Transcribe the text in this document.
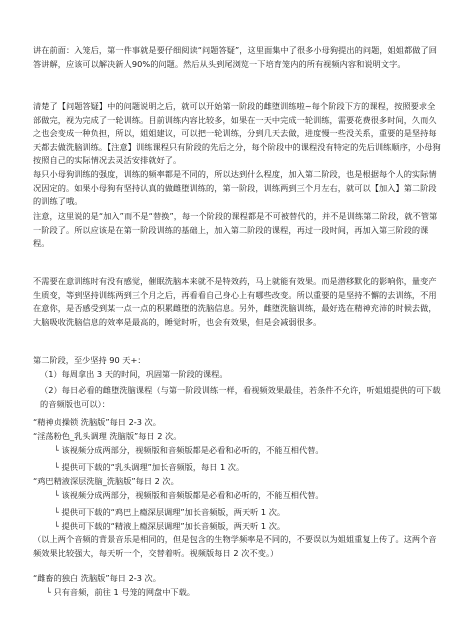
讲在前面：入笼后，第一件事就是要仔细阅读“问题答疑”，这里面集中了很多小母狗提出的问题，姐姐都做了回答讲解，应该可以解决新人90%的问题。然后从头到尾浏览一下培育笼内的所有视频内容和说明文字。

清楚了【问题答疑】中的问题说明之后，就可以开始第一阶段的雌堕训练啦~每个阶段下方的课程，按照要求全部做完，视为完成了一轮训练。目前训练内容比较多，如果在一天中完成一轮训练，需要花费很多时间，久而久之也会变成一种负担，所以，姐姐建议，可以把一轮训练，分到几天去做，进度慢一些没关系，重要的是坚持每天都去做洗脑训练。【注意】训练课程只有阶段的先后之分，每个阶段中的课程没有特定的先后训练顺序，小母狗按照自己的实际情况去灵活安排就好了。

每只小母狗训练的强度，训练的频率都是不同的，所以达到什么程度，加入第二阶段，也是根据每个人的实际情况因定的。如果小母狗有坚持认真的做雌堕训练的，第一阶段，训练两到三个月左右，就可以【加入】第二阶段的训练了哦。

注意，这里说的是“加入”而不是“替换”，每一个阶段的课程都是不可被替代的，并不是训练第二阶段，就不管第一阶段了。所以应该是在第一阶段训练的基础上，加入第二阶段的课程，再过一段时间，再加入第三阶段的课程。

不需要在意训练时有没有感觉，催眠洗脑本来就不是特效药，马上就能有效果。而是潜移默化的影响你，量变产生质变，等到坚持训练两到三个月之后，再看看自己身心上有哪些改变。所以重要的是坚持不懈的去训练，不用在意你，是否感受到某一点一点的积累雌堕的洗脑信息。另外，雌堕洗脑训练，最好选在精神充沛的时候去做，大脑吸收洗脑信息的效率是最高的，睡觉时听，也会有效果，但是会减弱很多。

第二阶段，至少坚持 90 天+：

（1）每周拿出 3 天的时间，巩固第一阶段的课程。

（2）每日必看的雌堕洗脑课程（与第一阶段训练一样，看视频效果最佳，若条件不允许，听姐姐提供的可下载的音频版也可以）：

“精神贞操锁 洗脑版”每日 2-3 次。

“淫荡粉色_乳头调理 洗脑版”每日 2 次。

└ 该视频分成两部分，视频版和音频版都是必看和必听的，不能互相代替。

└ 提供可下载的“乳头调理”加长音频版，每日 1 次。

“鸡巴精液深层洗脑_洗脑版”每日 2 次。

└ 该视频分成两部分，视频版和音频版都是必看和必听的，不能互相代替。

└ 提供可下载的“鸡巴上瘾深层调理”加长音频版，两天听 1 次。

└ 提供可下载的“精液上瘾深层调理”加长音频版，两天听 1 次。

（以上两个音频的背景音乐是相同的，但是包含的生物学频率是不同的，不要误以为姐姐重复上传了。这两个音频效果比较强大，每天听一个，交替着听。视频版每日 2 次不变。）

“雌畜的独白 洗脑版”每日 2-3 次。

└ 只有音频，前往 1 号笼的网盘中下载。
